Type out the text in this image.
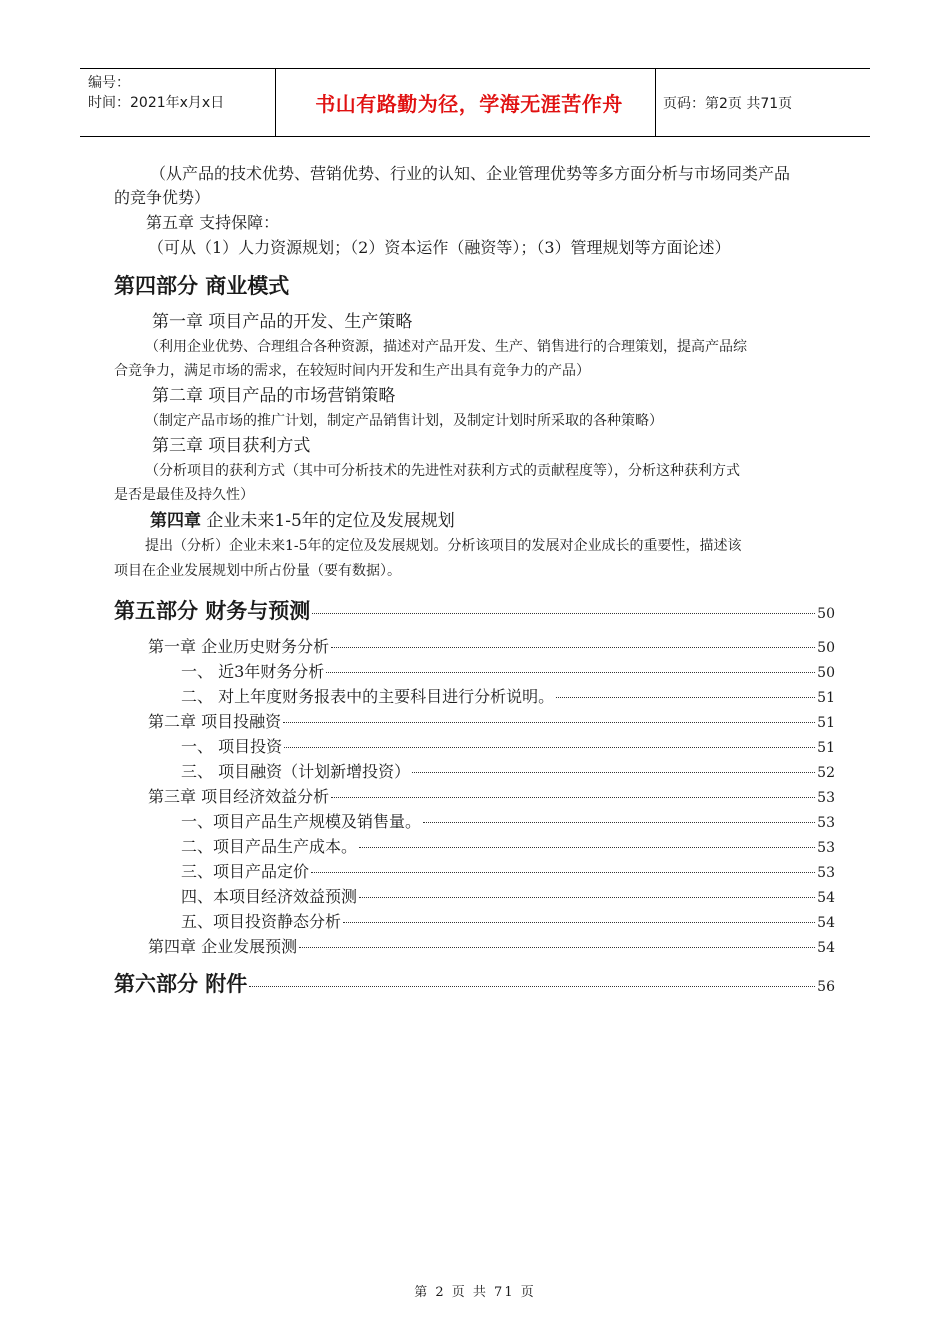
编号：
时间：2021年x月x日	书山有路勤为径，学海无涯苦作舟	页码：第2页 共71页
（从产品的技术优势、营销优势、行业的认知、企业管理优势等多方面分析与市场同类产品
的竞争优势）
第五章 支持保障：
（可从（1）人力资源规划；（2）资本运作（融资等）；（3）管理规划等方面论述）
第四部分 商业模式
第一章 项目产品的开发、生产策略
（利用企业优势、合理组合各种资源，描述对产品开发、生产、销售进行的合理策划，提高产品综
合竞争力，满足市场的需求，在较短时间内开发和生产出具有竞争力的产品）
第二章 项目产品的市场营销策略
（制定产品市场的推广计划，制定产品销售计划，及制定计划时所采取的各种策略）
第三章 项目获利方式
（分析项目的获利方式（其中可分析技术的先进性对获利方式的贡献程度等），分析这种获利方式
是否是最佳及持久性）
第四章 企业未来1-5年的定位及发展规划
提出（分析）企业未来1-5年的定位及发展规划。分析该项目的发展对企业成长的重要性，描述该
项目在企业发展规划中所占份量（要有数据）。
第五部分 财务与预测	50
第一章 企业历史财务分析	50
一、 近3年财务分析	50
二、 对上年度财务报表中的主要科目进行分析说明。	51
第二章 项目投融资	51
一、 项目投资	51
三、 项目融资（计划新增投资）	52
第三章 项目经济效益分析	53
一、项目产品生产规模及销售量。	53
二、项目产品生产成本。	53
三、项目产品定价	53
四、本项目经济效益预测	54
五、项目投资静态分析	54
第四章 企业发展预测	54
第六部分 附件	56
第 2 页 共 71 页
